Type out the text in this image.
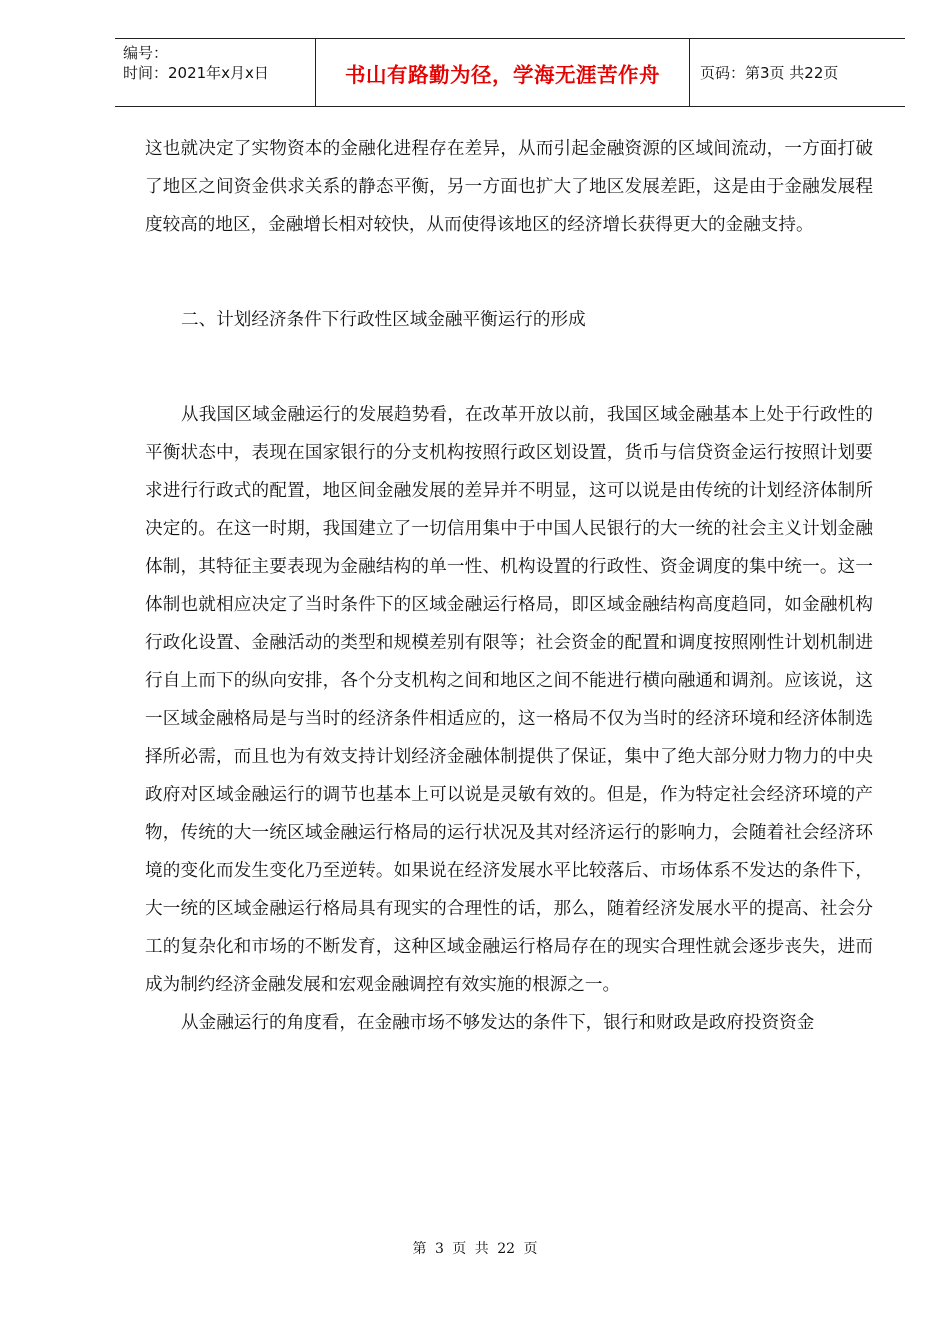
编号：
时间：2021年x月x日	书山有路勤为径，学海无涯苦作舟	页码：第3页 共22页

这也就决定了实物资本的金融化进程存在差异，从而引起金融资源的区域间流动，一方面打破了地区之间资金供求关系的静态平衡，另一方面也扩大了地区发展差距，这是由于金融发展程度较高的地区，金融增长相对较快，从而使得该地区的经济增长获得更大的金融支持。

二、计划经济条件下行政性区域金融平衡运行的形成

从我国区域金融运行的发展趋势看，在改革开放以前，我国区域金融基本上处于行政性的平衡状态中，表现在国家银行的分支机构按照行政区划设置，货币与信贷资金运行按照计划要求进行行政式的配置，地区间金融发展的差异并不明显，这可以说是由传统的计划经济体制所决定的。在这一时期，我国建立了一切信用集中于中国人民银行的大一统的社会主义计划金融体制，其特征主要表现为金融结构的单一性、机构设置的行政性、资金调度的集中统一。这一体制也就相应决定了当时条件下的区域金融运行格局，即区域金融结构高度趋同，如金融机构行政化设置、金融活动的类型和规模差别有限等；社会资金的配置和调度按照刚性计划机制进行自上而下的纵向安排，各个分支机构之间和地区之间不能进行横向融通和调剂。应该说，这一区域金融格局是与当时的经济条件相适应的，这一格局不仅为当时的经济环境和经济体制选择所必需，而且也为有效支持计划经济金融体制提供了保证，集中了绝大部分财力物力的中央政府对区域金融运行的调节也基本上可以说是灵敏有效的。但是，作为特定社会经济环境的产物，传统的大一统区域金融运行格局的运行状况及其对经济运行的影响力，会随着社会经济环境的变化而发生变化乃至逆转。如果说在经济发展水平比较落后、市场体系不发达的条件下，大一统的区域金融运行格局具有现实的合理性的话，那么，随着经济发展水平的提高、社会分工的复杂化和市场的不断发育，这种区域金融运行格局存在的现实合理性就会逐步丧失，进而成为制约经济金融发展和宏观金融调控有效实施的根源之一。

从金融运行的角度看，在金融市场不够发达的条件下，银行和财政是政府投资资金

第 3 页 共 22 页
